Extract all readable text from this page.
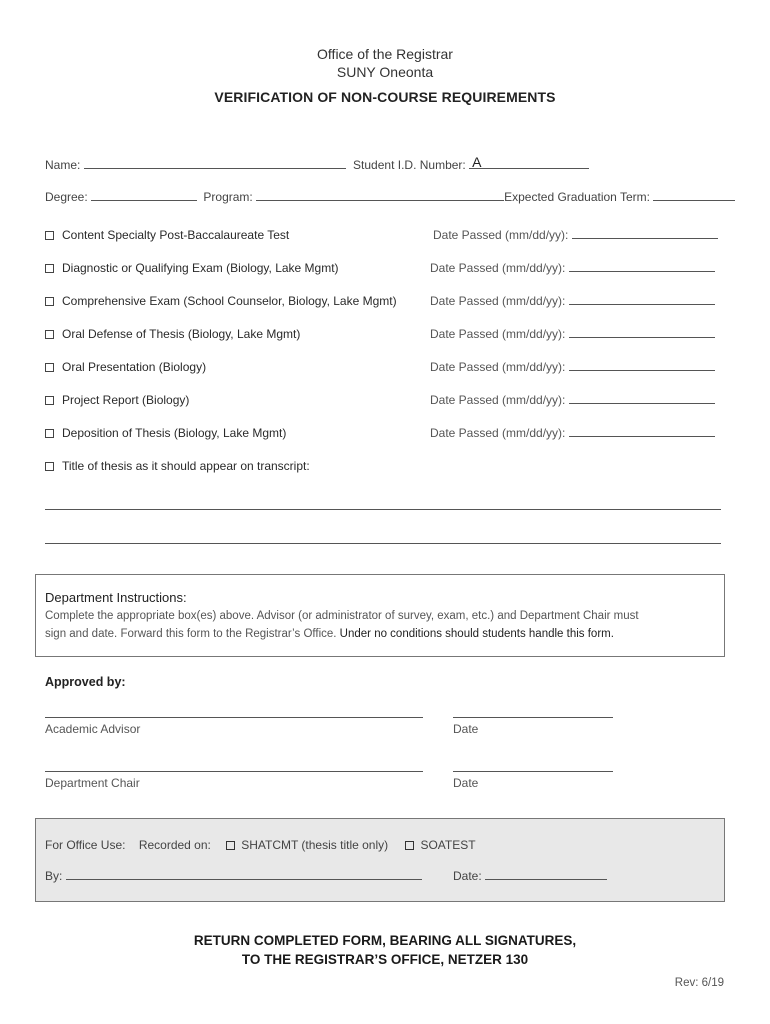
Office of the Registrar
SUNY Oneonta
VERIFICATION OF NON-COURSE REQUIREMENTS
Name:	Student I.D. Number: A
Degree:	Program:	Expected Graduation Term:
Content Specialty Post-Baccalaureate Test	Date Passed (mm/dd/yy):
Diagnostic or Qualifying Exam (Biology, Lake Mgmt)	Date Passed (mm/dd/yy):
Comprehensive Exam (School Counselor, Biology, Lake Mgmt)	Date Passed (mm/dd/yy):
Oral Defense of Thesis (Biology, Lake Mgmt)	Date Passed (mm/dd/yy):
Oral Presentation (Biology)	Date Passed (mm/dd/yy):
Project Report (Biology)	Date Passed (mm/dd/yy):
Deposition of Thesis (Biology, Lake Mgmt)	Date Passed (mm/dd/yy):
Title of thesis as it should appear on transcript:
Department Instructions:
Complete the appropriate box(es) above. Advisor (or administrator of survey, exam, etc.) and Department Chair must
sign and date. Forward this form to the Registrar’s Office. Under no conditions should students handle this form.
Approved by:
Academic Advisor	Date
Department Chair	Date
For Office Use: Recorded on:	SHATCMT (thesis title only)	SOATEST
By:	Date:
RETURN COMPLETED FORM, BEARING ALL SIGNATURES,
TO THE REGISTRAR’S OFFICE, NETZER 130
Rev: 6/19
